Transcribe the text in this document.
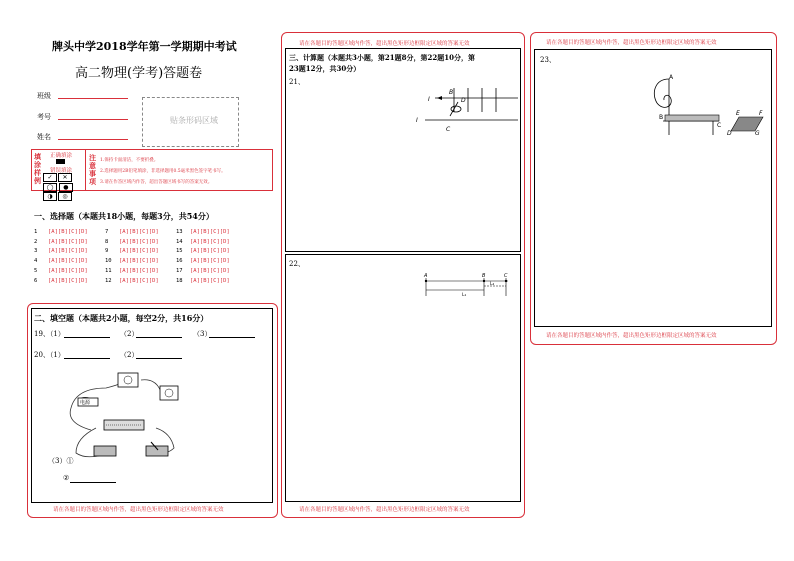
牌头中学2018学年第一学期期中考试
高二物理(学考)答题卷
班级
考号
姓名
贴条形码区域
填
涂
样
例
正确填涂
错误填涂
✓ ✕◯ ●◑ ◎
注
意
事
项
1.保持卡面清洁，不要折叠。
2.选择题用2B铅笔填涂，非选择题用0.5毫米黑色签字笔书写。
3.请在作答区域内作答，超出答题区域书写的答案无效。
一、选择题（本题共18小题，每题3分，共54分）
1 [A][B][C][D]
2 [A][B][C][D]
3 [A][B][C][D]
4 [A][B][C][D]
5 [A][B][C][D]
6 [A][B][C][D]
7 [A][B][C][D]
8 [A][B][C][D]
9 [A][B][C][D]
10 [A][B][C][D]
11 [A][B][C][D]
12 [A][B][C][D]
13 [A][B][C][D]
14 [A][B][C][D]
15 [A][B][C][D]
16 [A][B][C][D]
17 [A][B][C][D]
18 [A][B][C][D]
二、填空题（本题共2小题，每空2分，共16分）
19、（1）	（2）	（3）
20、（1）	（2）
电源
（3）①
②
请在各题目的答题区域内作答，超出黑色矩形边框限定区域的答案无效
请在各题目的答题区域内作答，超出黑色矩形边框限定区域的答案无效
三、计算题（本题共3小题，第21题8分，第22题10分，第
23题12分，共30分）
21、
I
B
D
I
C
22、
A	B	C
L₁
L₂
请在各题目的答题区域内作答，超出黑色矩形边框限定区域的答案无效
请在各题目的答题区域内作答，超出黑色矩形边框限定区域的答案无效
23、
A
B
C
D
E	F
G
请在各题目的答题区域内作答，超出黑色矩形边框限定区域的答案无效
